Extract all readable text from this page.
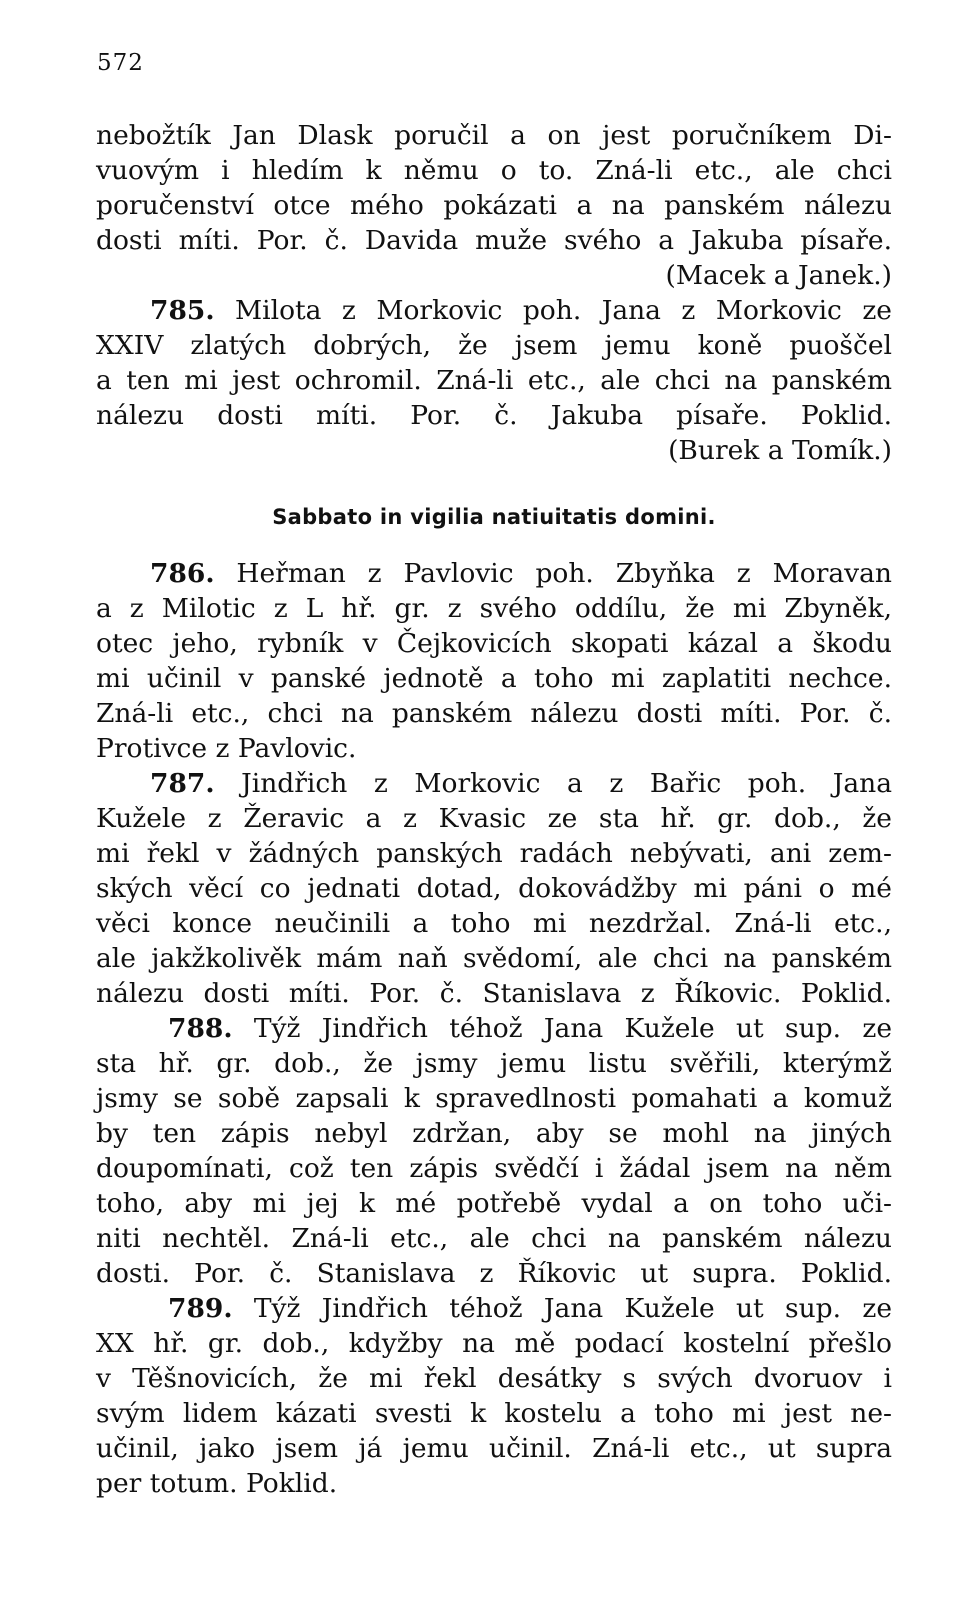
572
nebožtík Jan Dlask poručil a on jest poručníkem Di-
vuovým i hledím k němu o to. Zná-li etc., ale chci
poručenství otce mého pokázati a na panském nálezu
dosti míti. Por. č. Davida muže svého a Jakuba písaře.
(Macek a Janek.)
785. Milota z Morkovic poh. Jana z Morkovic ze
XXIV zlatých dobrých, že jsem jemu koně puoščel
a ten mi jest ochromil. Zná-li etc., ale chci na panském
nálezu dosti míti. Por. č. Jakuba písaře. Poklid.
(Burek a Tomík.)
Sabbato in vigilia natiuitatis domini.
786. Heřman z Pavlovic poh. Zbyňka z Moravan
a z Milotic z L hř. gr. z svého oddílu, že mi Zbyněk,
otec jeho, rybník v Čejkovicích skopati kázal a škodu
mi učinil v panské jednotě a toho mi zaplatiti nechce.
Zná-li etc., chci na panském nálezu dosti míti. Por. č.
Protivce z Pavlovic.
787. Jindřich z Morkovic a z Bařic poh. Jana
Kužele z Žeravic a z Kvasic ze sta hř. gr. dob., že
mi řekl v žádných panských radách nebývati, ani zem-
ských věcí co jednati dotad, dokovádžby mi páni o mé
věci konce neučinili a toho mi nezdržal. Zná-li etc.,
ale jakžkolivěk mám naň svědomí, ale chci na panském
nálezu dosti míti. Por. č. Stanislava z Říkovic. Poklid.
788. Týž Jindřich téhož Jana Kužele ut sup. ze
sta hř. gr. dob., že jsmy jemu listu svěřili, kterýmž
jsmy se sobě zapsali k spravedlnosti pomahati a komuž
by ten zápis nebyl zdržan, aby se mohl na jiných
doupomínati, což ten zápis svědčí i žádal jsem na něm
toho, aby mi jej k mé potřebě vydal a on toho uči-
niti nechtěl. Zná-li etc., ale chci na panském nálezu
dosti. Por. č. Stanislava z Říkovic ut supra. Poklid.
789. Týž Jindřich téhož Jana Kužele ut sup. ze
XX hř. gr. dob., kdyžby na mě podací kostelní přešlo
v Těšnovicích, že mi řekl desátky s svých dvoruov i
svým lidem kázati svesti k kostelu a toho mi jest ne-
učinil, jako jsem já jemu učinil. Zná-li etc., ut supra
per totum. Poklid.
